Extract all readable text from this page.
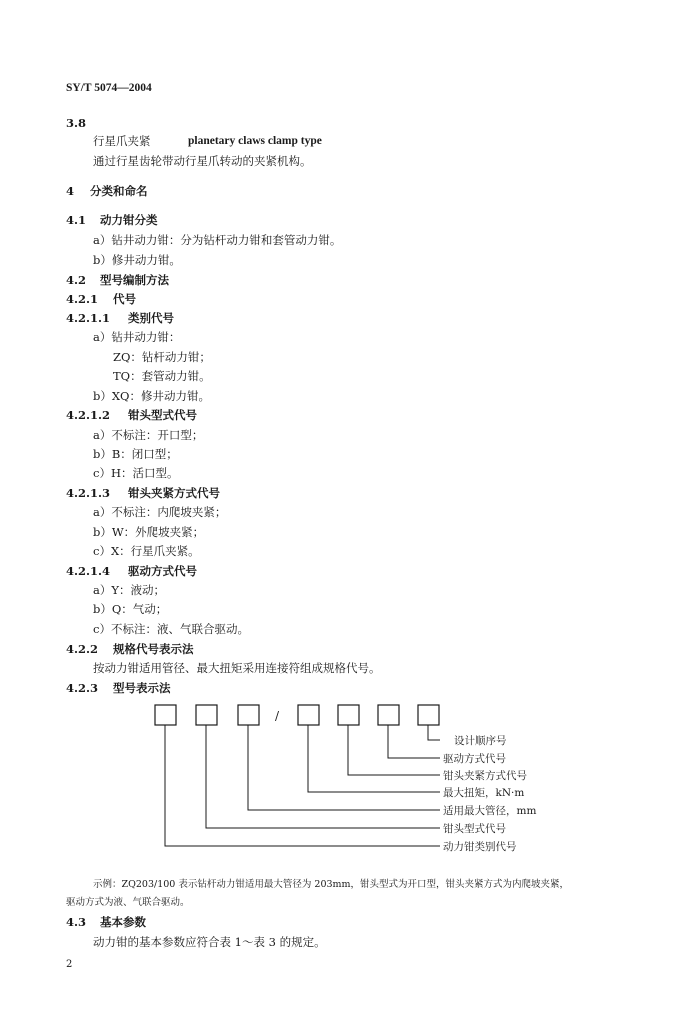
SY/T 5074—2004
3.8
行星爪夹紧	planetary claws clamp type
通过行星齿轮带动行星爪转动的夹紧机构。
4 分类和命名
4.1 动力钳分类
a）钻井动力钳：分为钻杆动力钳和套管动力钳。
b）修井动力钳。
4.2 型号编制方法
4.2.1 代号
4.2.1.1 类别代号
a）钻井动力钳：
ZQ：钻杆动力钳；
TQ：套管动力钳。
b）XQ：修井动力钳。
4.2.1.2 钳头型式代号
a）不标注：开口型；
b）B：闭口型；
c）H：活口型。
4.2.1.3 钳头夹紧方式代号
a）不标注：内爬坡夹紧；
b）W：外爬坡夹紧；
c）X：行星爪夹紧。
4.2.1.4 驱动方式代号
a）Y：液动；
b）Q：气动；
c）不标注：液、气联合驱动。
4.2.2 规格代号表示法
按动力钳适用管径、最大扭矩采用连接符组成规格代号。
4.2.3 型号表示法
/
设计顺序号
驱动方式代号
钳头夹紧方式代号
最大扭矩，kN·m
适用最大管径，mm
钳头型式代号
动力钳类别代号
示例：ZQ203/100 表示钻杆动力钳适用最大管径为 203mm，钳头型式为开口型，钳头夹紧方式为内爬坡夹紧，
驱动方式为液、气联合驱动。
4.3 基本参数
动力钳的基本参数应符合表 1～表 3 的规定。
2
